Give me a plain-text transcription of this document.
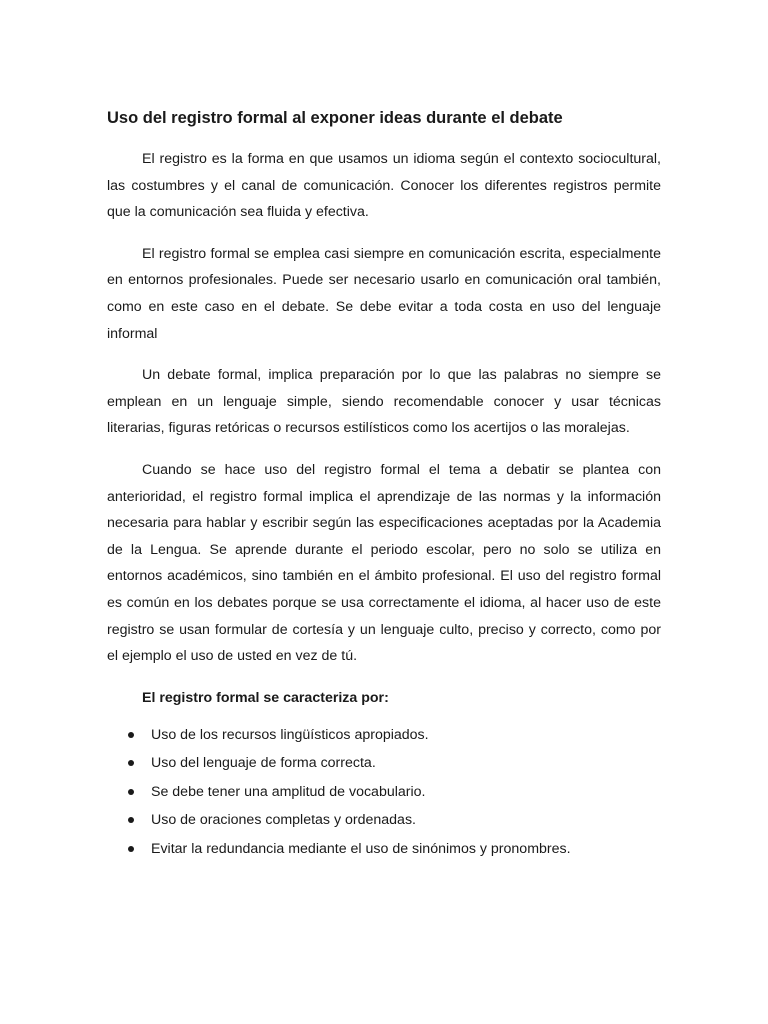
Uso del registro formal al exponer ideas durante el debate

El registro es la forma en que usamos un idioma según el contexto sociocultural, las costumbres y el canal de comunicación. Conocer los diferentes registros permite que la comunicación sea fluida y efectiva.

El registro formal se emplea casi siempre en comunicación escrita, especialmente en entornos profesionales. Puede ser necesario usarlo en comunicación oral también, como en este caso en el debate. Se debe evitar a toda costa en uso del lenguaje informal

Un debate formal, implica preparación por lo que las palabras no siempre se emplean en un lenguaje simple, siendo recomendable conocer y usar técnicas literarias, figuras retóricas o recursos estilísticos como los acertijos o las moralejas.

Cuando se hace uso del registro formal el tema a debatir se plantea con anterioridad, el registro formal implica el aprendizaje de las normas y la información necesaria para hablar y escribir según las especificaciones aceptadas por la Academia de la Lengua. Se aprende durante el periodo escolar, pero no solo se utiliza en entornos académicos, sino también en el ámbito profesional. El uso del registro formal es común en los debates porque se usa correctamente el idioma, al hacer uso de este registro se usan formular de cortesía y un lenguaje culto, preciso y correcto, como por el ejemplo el uso de usted en vez de tú.

El registro formal se caracteriza por:
Uso de los recursos lingüísticos apropiados.
Uso del lenguaje de forma correcta.
Se debe tener una amplitud de vocabulario.
Uso de oraciones completas y ordenadas.
Evitar la redundancia mediante el uso de sinónimos y pronombres.
